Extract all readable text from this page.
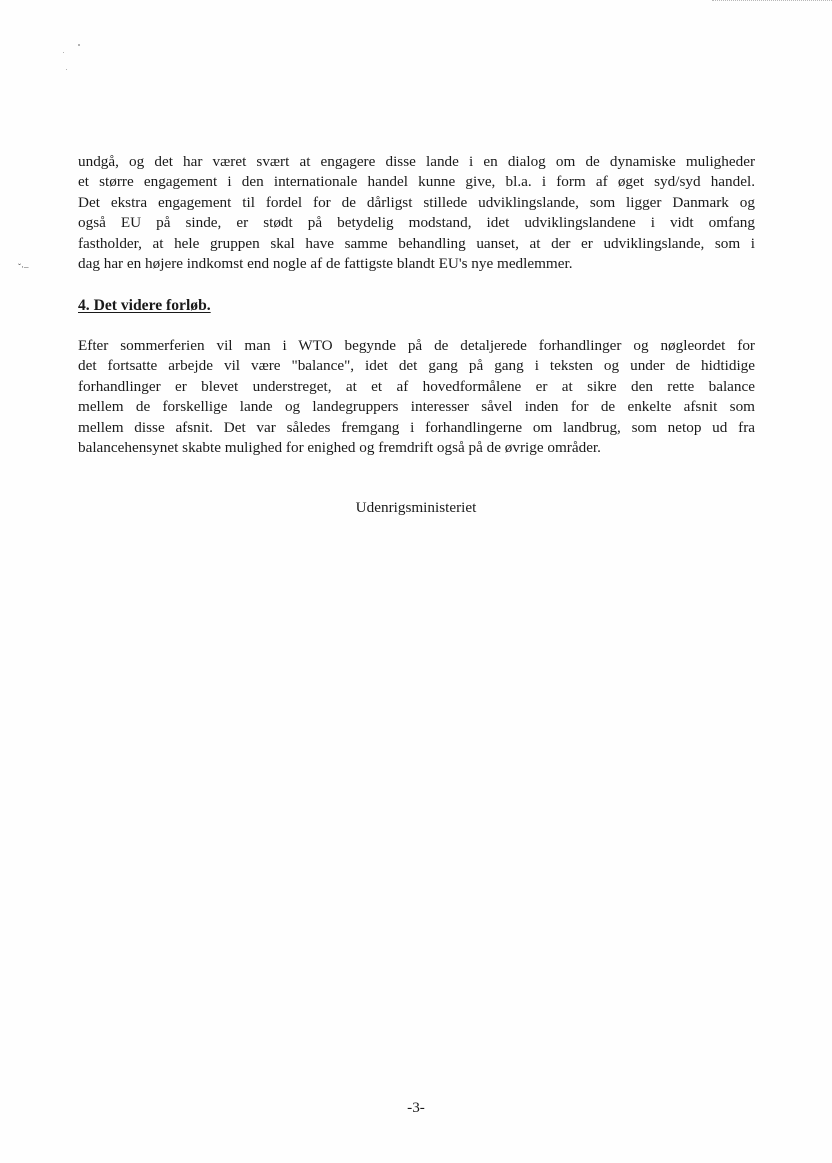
ˇ·–

undgå, og det har været svært at engagere disse lande i en dialog om de dynamiske muligheder
et større engagement i den internationale handel kunne give, bl.a. i form af øget syd/syd handel.
Det ekstra engagement til fordel for de dårligst stillede udviklingslande, som ligger Danmark og
også EU på sinde, er stødt på betydelig modstand, idet udviklingslandene i vidt omfang
fastholder, at hele gruppen skal have samme behandling uanset, at der er udviklingslande, som i
dag har en højere indkomst end nogle af de fattigste blandt EU's nye medlemmer.

4. Det videre forløb.

Efter sommerferien vil man i WTO begynde på de detaljerede forhandlinger og nøgleordet for
det fortsatte arbejde vil være "balance", idet det gang på gang i teksten og under de hidtidige
forhandlinger er blevet understreget, at et af hovedformålene er at sikre den rette balance
mellem de forskellige lande og landegruppers interesser såvel inden for de enkelte afsnit som
mellem disse afsnit. Det var således fremgang i forhandlingerne om landbrug, som netop ud fra
balancehensynet skabte mulighed for enighed og fremdrift også på de øvrige områder.

Udenrigsministeriet

-3-
